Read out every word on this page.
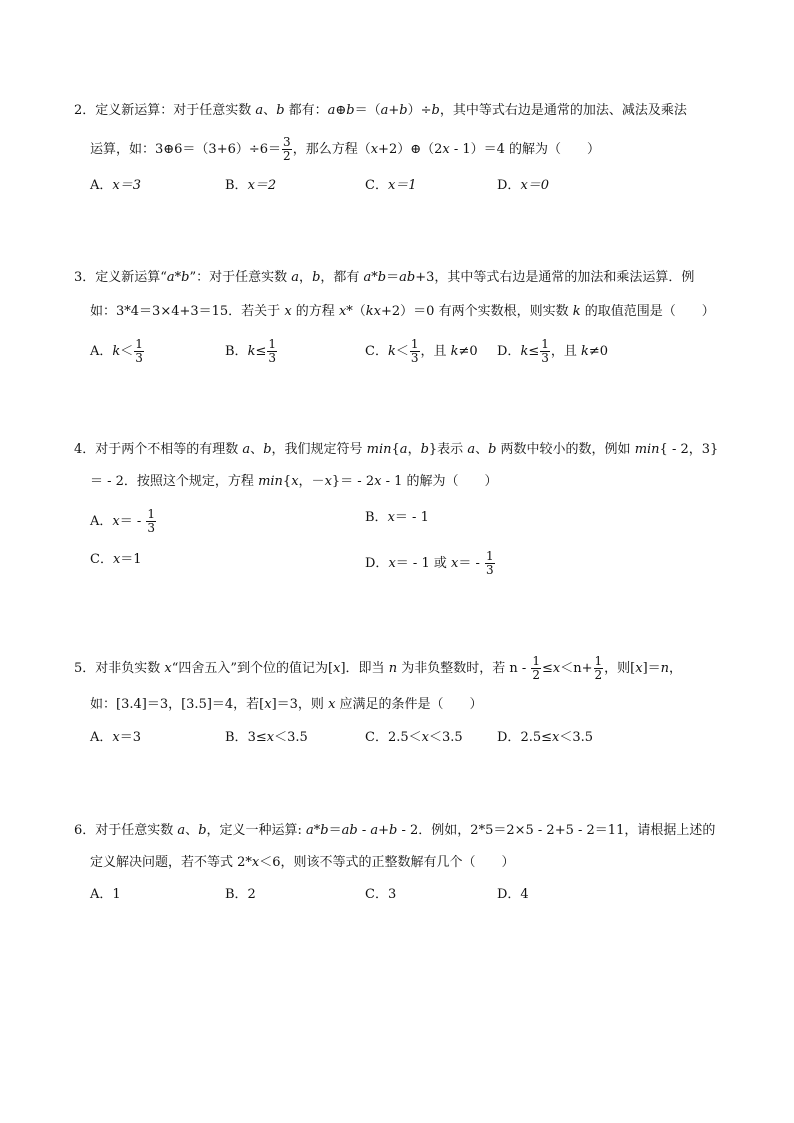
2．定义新运算：对于任意实数 a、b 都有：a⊕b＝（a+b）÷b，其中等式右边是通常的加法、减法及乘法
运算，如：3⊕6＝（3+6）÷6＝ $\frac{3}{2}$ ，那么方程（x+2）⊕（2x - 1）＝4 的解为（　　）
A．x＝3	B．x＝2	C．x＝1	D．x＝0
3．定义新运算“a*b”：对于任意实数 a，b，都有 a*b＝ab+3，其中等式右边是通常的加法和乘法运算．例
如：3*4＝3×4+3＝15．若关于 x 的方程 x*（kx+2）＝0 有两个实数根，则实数 k 的取值范围是（　　）
A．$k< \frac{1}{3}$	B．$k\le \frac{1}{3}$	C．$k< \frac{1}{3}$ ，且 k≠0 D．$k\le \frac{1}{3}$ ，且 k≠0
4．对于两个不相等的有理数 a、b，我们规定符号 min{a，b}表示 a、b 两数中较小的数，例如 min{ - 2，3}
＝ - 2．按照这个规定，方程 min{x，－x}＝ - 2x - 1 的解为（　　）
A．$x= - \frac{1}{3}$	B．x＝ - 1
C．x＝1	D．x＝ - 1 或 $x= - \frac{1}{3}$
5．对非负实数 x“四舍五入”到个位的值记为[x]．即当 n 为非负整数时，若 $n - \frac{1}{2} \le x<n+ \frac{1}{2}$ ，则[x]＝n，
如：[3.4]＝3，[3.5]＝4，若[x]＝3，则 x 应满足的条件是（　　）
A．x＝3	B．3≤x＜3.5	C．2.5＜x＜3.5	D．2.5≤x＜3.5
6．对于任意实数 a、b，定义一种运算: a*b＝ab - a+b - 2．例如，2*5＝2×5 - 2+5 - 2＝11，请根据上述的
定义解决问题，若不等式 2*x＜6，则该不等式的正整数解有几个（　　）
A．1	B．2	C．3	D．4
